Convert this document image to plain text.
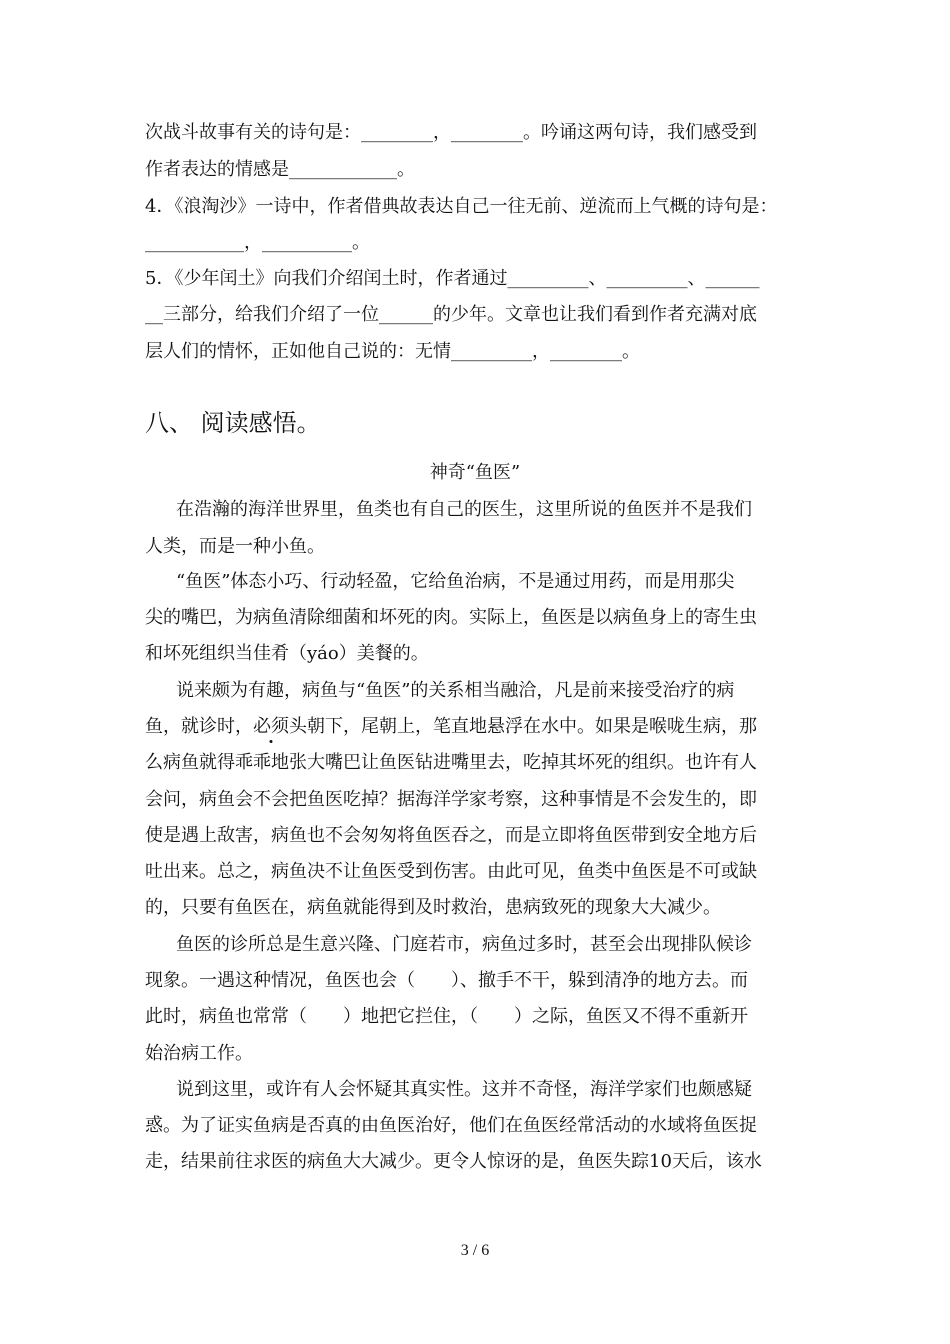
次战斗故事有关的诗句是：________，________。吟诵这两句诗，我们感受到
作者表达的情感是____________。
4．《浪淘沙》一诗中，作者借典故表达自己一往无前、逆流而上气概的诗句是：
___________，__________。
5．《少年闰土》向我们介绍闰土时，作者通过_________、_________、______
__三部分，给我们介绍了一位______的少年。文章也让我们看到作者充满对底
层人们的情怀，正如他自己说的：无情_________，________。
八、 阅读感悟。
神奇“鱼医”
在浩瀚的海洋世界里，鱼类也有自己的医生，这里所说的鱼医并不是我们
人类，而是一种小鱼。
“鱼医”体态小巧、行动轻盈，它给鱼治病，不是通过用药，而是用那尖
尖的嘴巴，为病鱼清除细菌和坏死的肉。实际上，鱼医是以病鱼身上的寄生虫
和坏死组织当佳肴（yáo）美餐的。
说来颇为有趣，病鱼与“鱼医”的关系相当融洽，凡是前来接受治疗的病
鱼，就诊时，必须头朝下，尾朝上，笔直地悬浮在水中。如果是喉咙生病，那
么病鱼就得乖乖地张大嘴巴让鱼医钻进嘴里去，吃掉其坏死的组织。也许有人
会问，病鱼会不会把鱼医吃掉？据海洋学家考察，这种事情是不会发生的，即
使是遇上敌害，病鱼也不会匆匆将鱼医吞之，而是立即将鱼医带到安全地方后
吐出来。总之，病鱼决不让鱼医受到伤害。由此可见，鱼类中鱼医是不可或缺
的，只要有鱼医在，病鱼就能得到及时救治，患病致死的现象大大减少。
鱼医的诊所总是生意兴隆、门庭若市，病鱼过多时，甚至会出现排队候诊
现象。一遇这种情况，鱼医也会（　　）、撤手不干，躲到清净的地方去。而
此时，病鱼也常常（　　）地把它拦住，（　　）之际，鱼医又不得不重新开
始治病工作。
说到这里，或许有人会怀疑其真实性。这并不奇怪，海洋学家们也颇感疑
惑。为了证实鱼病是否真的由鱼医治好，他们在鱼医经常活动的水域将鱼医捉
走，结果前往求医的病鱼大大减少。更令人惊讶的是，鱼医失踪10天后，该水
3 / 6
